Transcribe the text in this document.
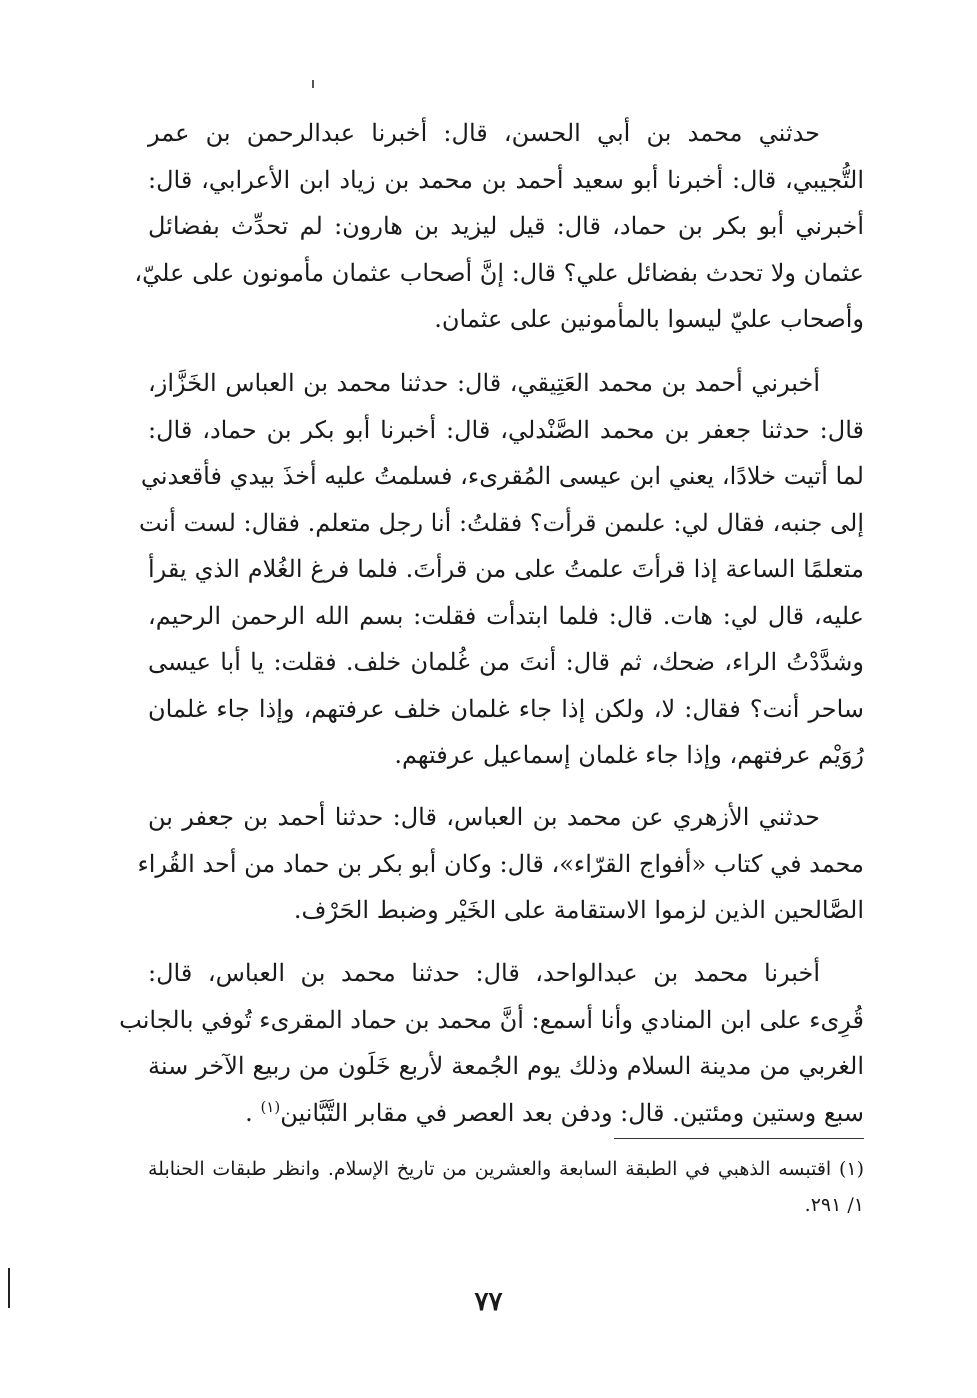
حدثني محمد بن أبي الحسن، قال: أخبرنا عبدالرحمن بن عمر
التُّجيبي، قال: أخبرنا أبو سعيد أحمد بن محمد بن زياد ابن الأعرابي، قال:
أخبرني أبو بكر بن حماد، قال: قيل ليزيد بن هارون: لم تحدِّث بفضائل
عثمان ولا تحدث بفضائل علي؟ قال: إنَّ أصحاب عثمان مأمونون على عليّ،
وأصحاب عليّ ليسوا بالمأمونين على عثمان.
أخبرني أحمد بن محمد العَتِيقي، قال: حدثنا محمد بن العباس الخَزَّاز،
قال: حدثنا جعفر بن محمد الصَّنْدلي، قال: أخبرنا أبو بكر بن حماد، قال:
لما أتيت خلادًا، يعني ابن عيسى المُقرىء، فسلمتُ عليه أخذَ بيدي فأقعدني
إلى جنبه، فقال لي: علىمن قرأت؟ فقلتُ: أنا رجل متعلم. فقال: لست أنت
متعلمًا الساعة إذا قرأتَ علمتُ على من قرأتَ. فلما فرغ الغُلام الذي يقرأ
عليه، قال لي: هات. قال: فلما ابتدأت فقلت: بسم الله الرحمن الرحيم،
وشدَّدْتُ الراء، ضحك، ثم قال: أنتَ من غُلمان خلف. فقلت: يا أبا عيسى
ساحر أنت؟ فقال: لا، ولكن إذا جاء غلمان خلف عرفتهم، وإذا جاء غلمان
رُوَيْم عرفتهم، وإذا جاء غلمان إسماعيل عرفتهم.
حدثني الأزهري عن محمد بن العباس، قال: حدثنا أحمد بن جعفر بن
محمد في كتاب «أفواج القرّاء»، قال: وكان أبو بكر بن حماد من أحد القُراء
الصَّالحين الذين لزموا الاستقامة على الخَيْر وضبط الحَرْف.
أخبرنا محمد بن عبدالواحد، قال: حدثنا محمد بن العباس، قال:
قُرِىء على ابن المنادي وأنا أسمع: أنَّ محمد بن حماد المقرىء تُوفي بالجانب
الغربي من مدينة السلام وذلك يوم الجُمعة لأربع خَلَون من ربيع الآخر سنة
سبع وستين ومئتين. قال: ودفن بعد العصر في مقابر التَّبَّانين$^{(١)}$ .
(١) اقتبسه الذهبي في الطبقة السابعة والعشرين من تاريخ الإسلام. وانظر طبقات الحنابلة
١/ ٢٩١.
٧٧
